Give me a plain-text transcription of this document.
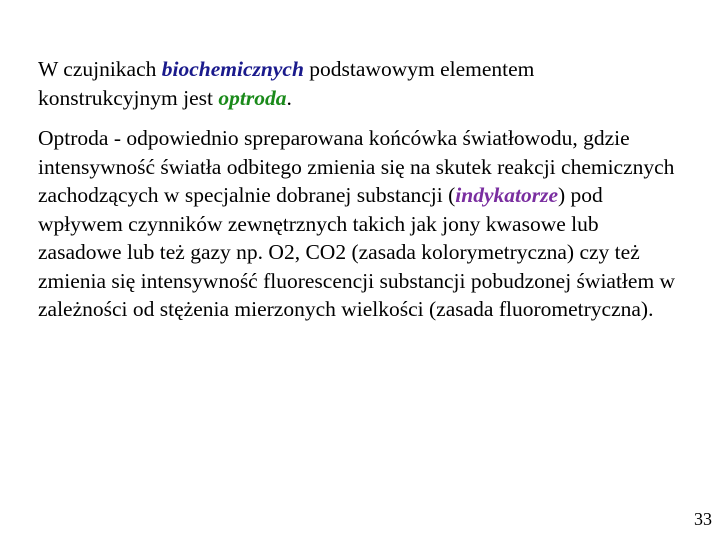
W czujnikach biochemicznych podstawowym elementem konstrukcyjnym jest optroda.

Optroda - odpowiednio spreparowana końcówka światłowodu, gdzie intensywność światła odbitego zmienia się na skutek reakcji chemicznych zachodzących w specjalnie dobranej substancji (indykatorze) pod wpływem czynników zewnętrznych takich jak jony kwasowe lub zasadowe lub też gazy np. O2, CO2 (zasada kolorymetryczna) czy też zmienia się intensywność fluorescencji substancji pobudzonej światłem w zależności od stężenia mierzonych wielkości (zasada fluorometryczna).

33
